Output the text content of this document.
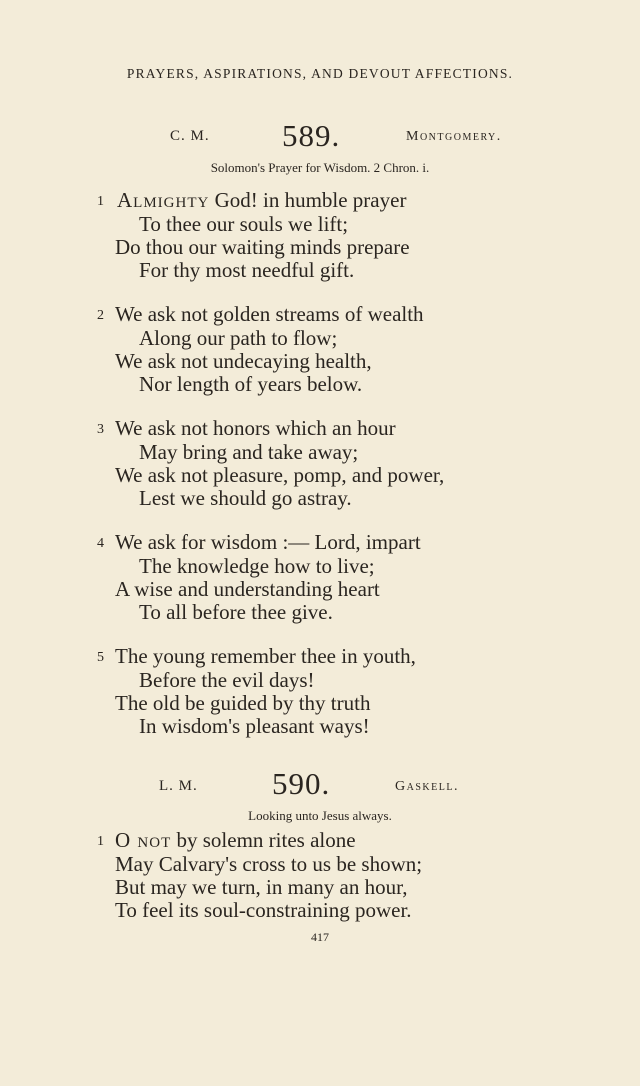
PRAYERS, ASPIRATIONS, AND DEVOUT AFFECTIONS.
C. M. 589.	Montgomery.
Solomon's Prayer for Wisdom. 2 Chron. i.
1 Almighty God! in humble prayer
To thee our souls we lift;
Do thou our waiting minds prepare
For thy most needful gift.
2 We ask not golden streams of wealth
Along our path to flow;
We ask not undecaying health,
Nor length of years below.
3 We ask not honors which an hour
May bring and take away;
We ask not pleasure, pomp, and power,
Lest we should go astray.
4 We ask for wisdom :— Lord, impart
The knowledge how to live;
A wise and understanding heart
To all before thee give.
5 The young remember thee in youth,
Before the evil days!
The old be guided by thy truth
In wisdom's pleasant ways!
L. M. 590.	Gaskell.
Looking unto Jesus always.
1 O not by solemn rites alone
May Calvary's cross to us be shown;
But may we turn, in many an hour,
To feel its soul-constraining power.
417
